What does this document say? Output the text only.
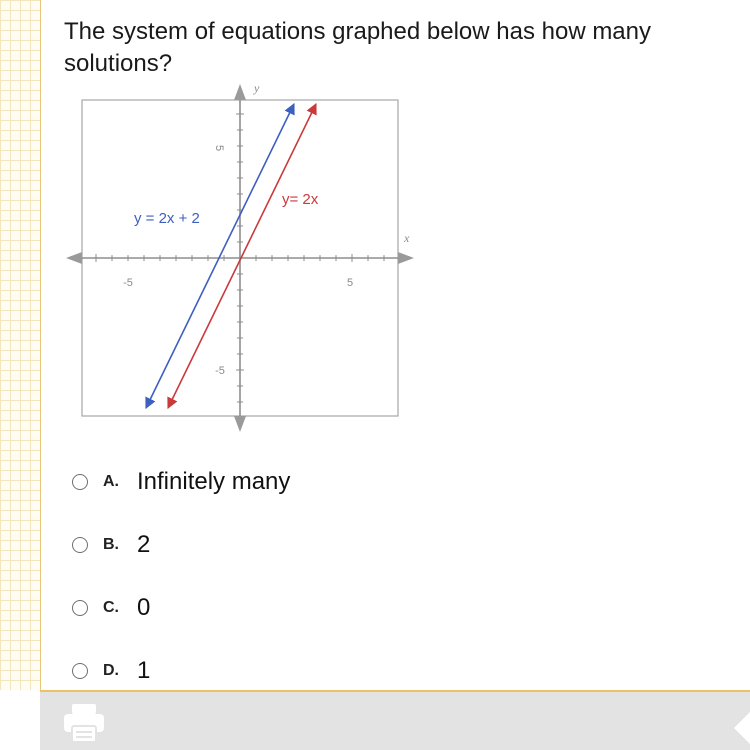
The system of equations graphed below has how many solutions?
-5	5
5
-5
y
x
y = 2x + 2
y= 2x
A. Infinitely many
B. 2
C. 0
D. 1
